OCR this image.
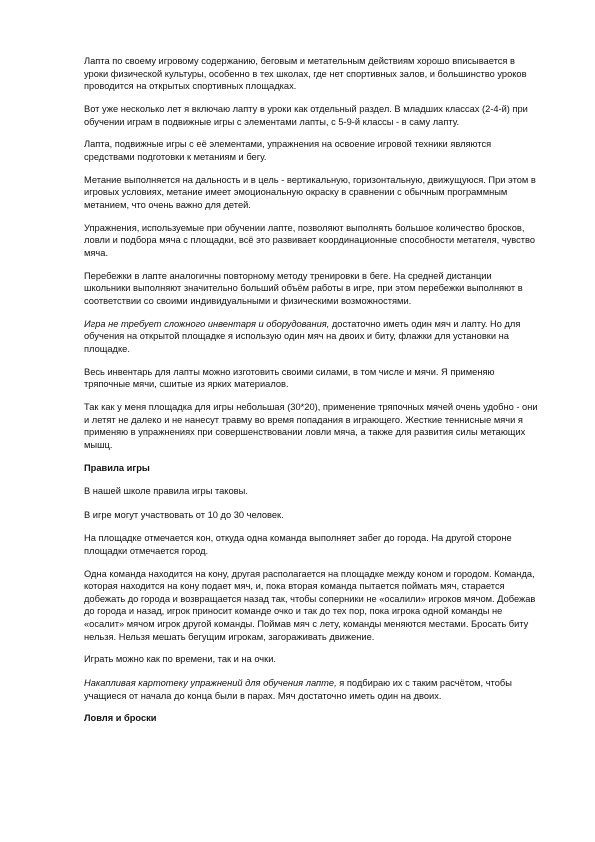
Лапта по своему игровому содержанию, беговым и метательным действиям хорошо вписывается в уроки физической культуры, особенно в тех школах, где нет спортивных залов, и большинство уроков проводится на открытых спортивных площадках.

Вот уже несколько лет я включаю лапту в уроки как отдельный раздел. В младших классах (2-4-й) при обучении играм в подвижные игры с элементами лапты, с 5-9-й классы - в саму лапту.

Лапта, подвижные игры с её элементами, упражнения на освоение игровой техники являются средствами подготовки к метаниям и бегу.

Метание выполняется на дальность и в цель - вертикальную, горизонтальную, движущуюся. При этом в игровых условиях, метание имеет эмоциональную окраску в сравнении с обычным программным метанием, что очень важно для детей.

Упражнения, используемые при обучении лапте, позволяют выполнять большое количество бросков, ловли и подбора мяча с площадки, всё это развивает координационные способности метателя, чувство мяча.

Перебежки в лапте аналогичны повторному методу тренировки в беге. На средней дистанции школьники выполняют значительно больший объём работы в игре, при этом перебежки выполняют в соответствии со своими индивидуальными и физическими возможностями.

Игра не требует сложного инвентаря и оборудования, достаточно иметь один мяч и лапту. Но для обучения на открытой площадке я использую один мяч на двоих и биту, флажки для установки на площадке.

Весь инвентарь для лапты можно изготовить своими силами, в том числе и мячи. Я применяю тряпочные мячи, сшитые из ярких материалов.

Так как у меня площадка для игры небольшая (30*20), применение тряпочных мячей очень удобно - они и летят не далеко и не нанесут травму во время попадания в играющего. Жесткие теннисные мячи я применяю в упражнениях при совершенствовании ловли мяча, а также для развития силы метающих мышц.

Правила игры

В нашей школе правила игры таковы.

В игре могут участвовать от 10 до 30 человек.

На площадке отмечается кон, откуда одна команда выполняет забег до города. На другой стороне площадки отмечается город.

Одна команда находится на кону, другая располагается на площадке между коном и городом. Команда, которая находится на кону подает мяч, и, пока вторая команда пытается поймать мяч, старается добежать до города и возвращается назад так, чтобы соперники не «осалили» игроков мячом. Добежав до города и назад, игрок приносит команде очко и так до тех пор, пока игрока одной команды не «осалит» мячом игрок другой команды. Поймав мяч с лету, команды меняются местами. Бросать биту нельзя. Нельзя мешать бегущим игрокам, загораживать движение.

Играть можно как по времени, так и на очки.

Накапливая картотеку упражнений для обучения лапте, я подбираю их с таким расчётом, чтобы учащиеся от начала до конца были в парах. Мяч достаточно иметь один на двоих.

Ловля и броски
